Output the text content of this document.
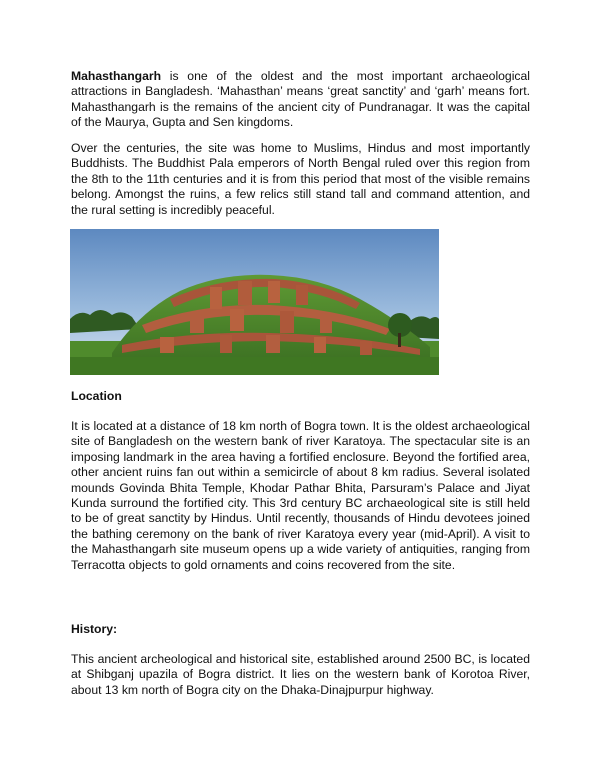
Mahasthangarh is one of the oldest and the most important archaeological attractions in Bangladesh. ‘Mahasthan’ means ‘great sanctity’ and ‘garh’ means fort. Mahasthangarh is the remains of the ancient city of Pundranagar. It was the capital of the Maurya, Gupta and Sen kingdoms.

Over the centuries, the site was home to Muslims, Hindus and most importantly Buddhists. The Buddhist Pala emperors of North Bengal ruled over this region from the 8th to the 11th centuries and it is from this period that most of the visible remains belong. Amongst the ruins, a few relics still stand tall and command attention, and the rural setting is incredibly peaceful.

Location

It is located at a distance of 18 km north of Bogra town. It is the oldest archaeological site of Bangladesh on the western bank of river Karatoya. The spectacular site is an imposing landmark in the area having a fortified enclosure. Beyond the fortified area, other ancient ruins fan out within a semicircle of about 8 km radius. Several isolated mounds Govinda Bhita Temple, Khodar Pathar Bhita, Parsuram’s Palace and Jiyat Kunda surround the fortified city. This 3rd century BC archaeological site is still held to be of great sanctity by Hindus. Until recently, thousands of Hindu devotees joined the bathing ceremony on the bank of river Karatoya every year (mid-April). A visit to the Mahasthangarh site museum opens up a wide variety of antiquities, ranging from Terracotta objects to gold ornaments and coins recovered from the site.

History:

This ancient archeological and historical site, established around 2500 BC, is located at Shibganj upazila of Bogra district. It lies on the western bank of Korotoa River, about 13 km north of Bogra city on the Dhaka-Dinajpurpur highway.
